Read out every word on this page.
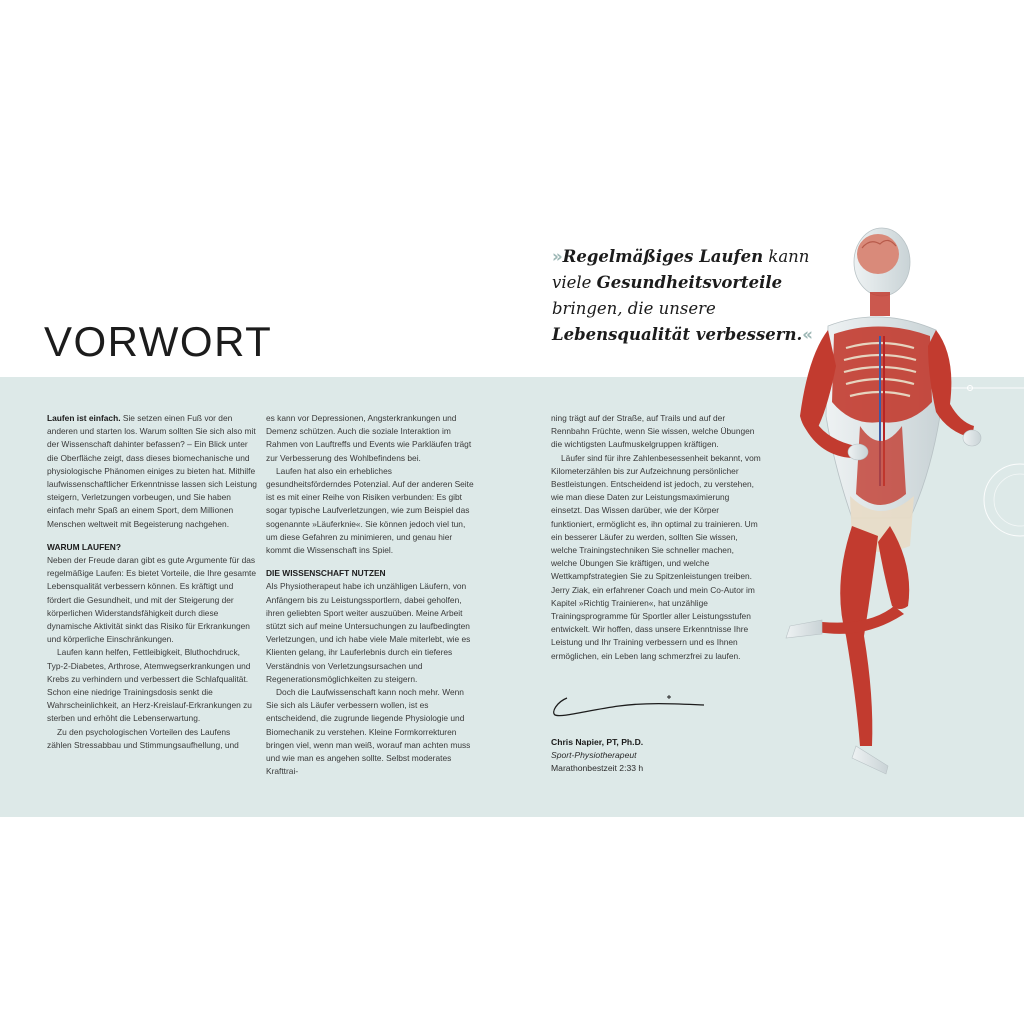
VORWORT
»Regelmäßiges Laufen kann viele Gesundheitsvorteile bringen, die unsere Lebensqualität verbessern.«

Laufen ist einfach. Sie setzen einen Fuß vor den anderen und starten los. Warum sollten Sie sich also mit der Wissenschaft dahinter befassen? – Ein Blick unter die Oberfläche zeigt, dass dieses biomechanische und physiologische Phänomen einiges zu bieten hat. Mithilfe laufwissenschaftlicher Erkenntnisse lassen sich Leistung steigern, Verletzungen vorbeugen, und Sie haben einfach mehr Spaß an einem Sport, dem Millionen Menschen weltweit mit Begeisterung nachgehen.

WARUM LAUFEN?

Neben der Freude daran gibt es gute Argumente für das regelmäßige Laufen: Es bietet Vorteile, die Ihre gesamte Lebensqualität verbessern können. Es kräftigt und fördert die Gesundheit, und mit der Steigerung der körperlichen Widerstandsfähigkeit durch diese dynamische Aktivität sinkt das Risiko für Erkrankungen und körperliche Einschränkungen.

Laufen kann helfen, Fettleibigkeit, Bluthochdruck, Typ-2-Diabetes, Arthrose, Atemwegserkrankungen und Krebs zu verhindern und verbessert die Schlafqualität. Schon eine niedrige Trainingsdosis senkt die Wahrscheinlichkeit, an Herz-Kreislauf-Erkrankungen zu sterben und erhöht die Lebenserwartung.

Zu den psychologischen Vorteilen des Laufens zählen Stressabbau und Stimmungsaufhellung, und

es kann vor Depressionen, Angsterkrankungen und Demenz schützen. Auch die soziale Interaktion im Rahmen von Lauftreffs und Events wie Parkläufen trägt zur Verbesserung des Wohlbefindens bei.

Laufen hat also ein erhebliches gesundheitsförderndes Potenzial. Auf der anderen Seite ist es mit einer Reihe von Risiken verbunden: Es gibt sogar typische Laufverletzungen, wie zum Beispiel das sogenannte »Läuferknie«. Sie können jedoch viel tun, um diese Gefahren zu minimieren, und genau hier kommt die Wissenschaft ins Spiel.

DIE WISSENSCHAFT NUTZEN

Als Physiotherapeut habe ich unzähligen Läufern, von Anfängern bis zu Leistungssportlern, dabei geholfen, ihren geliebten Sport weiter auszuüben. Meine Arbeit stützt sich auf meine Untersuchungen zu laufbedingten Verletzungen, und ich habe viele Male miterlebt, wie es Klienten gelang, ihr Lauferlebnis durch ein tieferes Verständnis von Verletzungsursachen und Regenerationsmöglichkeiten zu steigern.

Doch die Laufwissenschaft kann noch mehr. Wenn Sie sich als Läufer verbessern wollen, ist es entscheidend, die zugrunde liegende Physiologie und Biomechanik zu verstehen. Kleine Formkorrekturen bringen viel, wenn man weiß, worauf man achten muss und wie man es angehen sollte. Selbst moderates Krafttrai-

ning trägt auf der Straße, auf Trails und auf der Rennbahn Früchte, wenn Sie wissen, welche Übungen die wichtigsten Laufmuskelgruppen kräftigen.

Läufer sind für ihre Zahlenbesessenheit bekannt, vom Kilometerzählen bis zur Aufzeichnung persönlicher Bestleistungen. Entscheidend ist jedoch, zu verstehen, wie man diese Daten zur Leistungsmaximierung einsetzt. Das Wissen darüber, wie der Körper funktioniert, ermöglicht es, ihn optimal zu trainieren. Um ein besserer Läufer zu werden, sollten Sie wissen, welche Trainingstechniken Sie schneller machen, welche Übungen Sie kräftigen, und welche Wettkampfstrategien Sie zu Spitzenleistungen treiben. Jerry Ziak, ein erfahrener Coach und mein Co-Autor im Kapitel »Richtig Trainieren«, hat unzählige Trainingsprogramme für Sportler aller Leistungsstufen entwickelt. Wir hoffen, dass unsere Erkenntnisse Ihre Leistung und Ihr Training verbessern und es Ihnen ermöglichen, ein Leben lang schmerzfrei zu laufen.

Chris Napier, PT, Ph.D.
Sport-Physiotherapeut
Marathonbestzeit 2:33 h
